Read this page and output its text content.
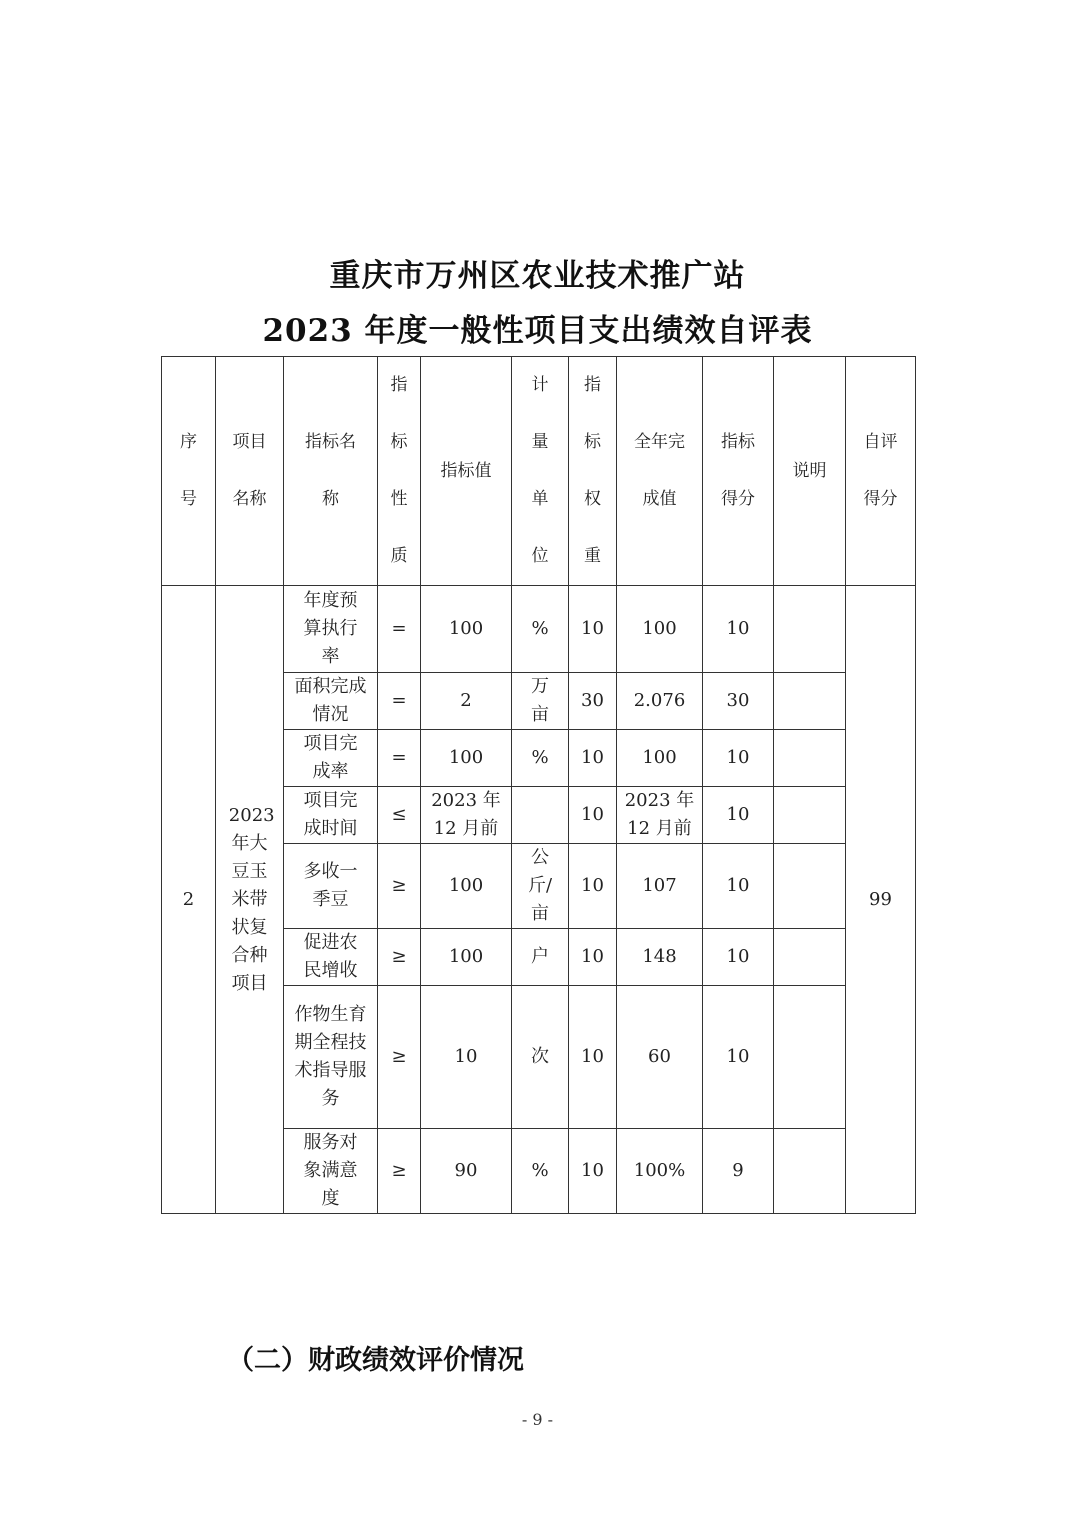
重庆市万州区农业技术推广站
2023 年度一般性项目支出绩效自评表
序号	项目名称	指标名称	指标性质	指标值	计量单位	指标权重	全年完成值	指标得分	说明	自评得分

2	2023年大豆玉米带状复合种项目	年度预算执行率	=	100	%	10	100	10		99

		面积完成情况	=	2	万亩	30	2.076	30		

		项目完成率	=	100	%	10	100	10		

		项目完成时间	≤	2023 年 12 月前		10	2023 年 12 月前	10		

		多收一季豆	≥	100	公斤/亩	10	107	10		

		促进农民增收	≥	100	户	10	148	10		

		作物生育期全程技术指导服务	≥	10	次	10	60	10		

		服务对象满意度	≥	90	%	10	100%	9		
（二）财政绩效评价情况
- 9 -
